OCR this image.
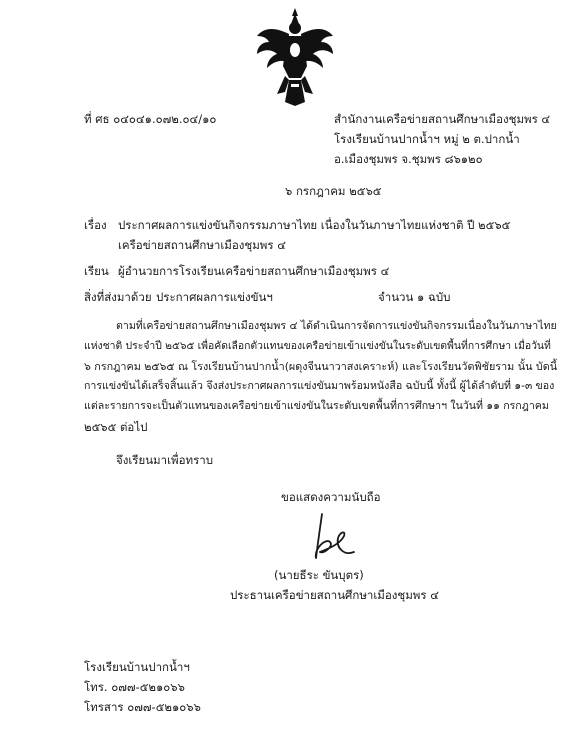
ที่ ศธ ๐๔๐๔๑.๐๗๒.๐๔/๑๐	สำนักงานเครือข่ายสถานศึกษาเมืองชุมพร ๔
โรงเรียนบ้านปากน้ำฯ หมู่ ๒ ต.ปากน้ำ
อ.เมืองชุมพร จ.ชุมพร ๘๖๑๒๐
๖ กรกฎาคม ๒๕๖๕
เรื่อง ประกาศผลการแข่งขันกิจกรรมภาษาไทย เนื่องในวันภาษาไทยแห่งชาติ ปี ๒๕๖๕
เครือข่ายสถานศึกษาเมืองชุมพร ๔
เรียน ผู้อำนวยการโรงเรียนเครือข่ายสถานศึกษาเมืองชุมพร ๔
สิ่งที่ส่งมาด้วย ประกาศผลการแข่งขันฯ	จำนวน ๑ ฉบับ
ตามที่เครือข่ายสถานศึกษาเมืองชุมพร ๔ ได้ดำเนินการจัดการแข่งขันกิจกรรมเนื่องในวันภาษาไทย
แห่งชาติ ประจำปี ๒๕๖๕ เพื่อคัดเลือกตัวแทนของเครือข่ายเข้าแข่งขันในระดับเขตพื้นที่การศึกษา เมื่อวันที่
๖ กรกฎาคม ๒๕๖๕ ณ โรงเรียนบ้านปากน้ำ(ผดุงจีนนาวาสงเคราะห์) และโรงเรียนวัดพิชัยราม นั้น บัดนี้
การแข่งขันได้เสร็จสิ้นแล้ว จึงส่งประกาศผลการแข่งขันมาพร้อมหนังสือ ฉบับนี้ ทั้งนี้ ผู้ได้ลำดับที่ ๑-๓ ของ
แต่ละรายการจะเป็นตัวแทนของเครือข่ายเข้าแข่งขันในระดับเขตพื้นที่การศึกษาฯ ในวันที่ ๑๑ กรกฎาคม
๒๕๖๕ ต่อไป
จึงเรียนมาเพื่อทราบ
ขอแสดงความนับถือ
(นายธีระ ขันบุตร)
ประธานเครือข่ายสถานศึกษาเมืองชุมพร ๔
โรงเรียนบ้านปากน้ำฯ
โทร. ๐๗๗-๕๒๑๐๖๖
โทรสาร ๐๗๗-๕๒๑๐๖๖
